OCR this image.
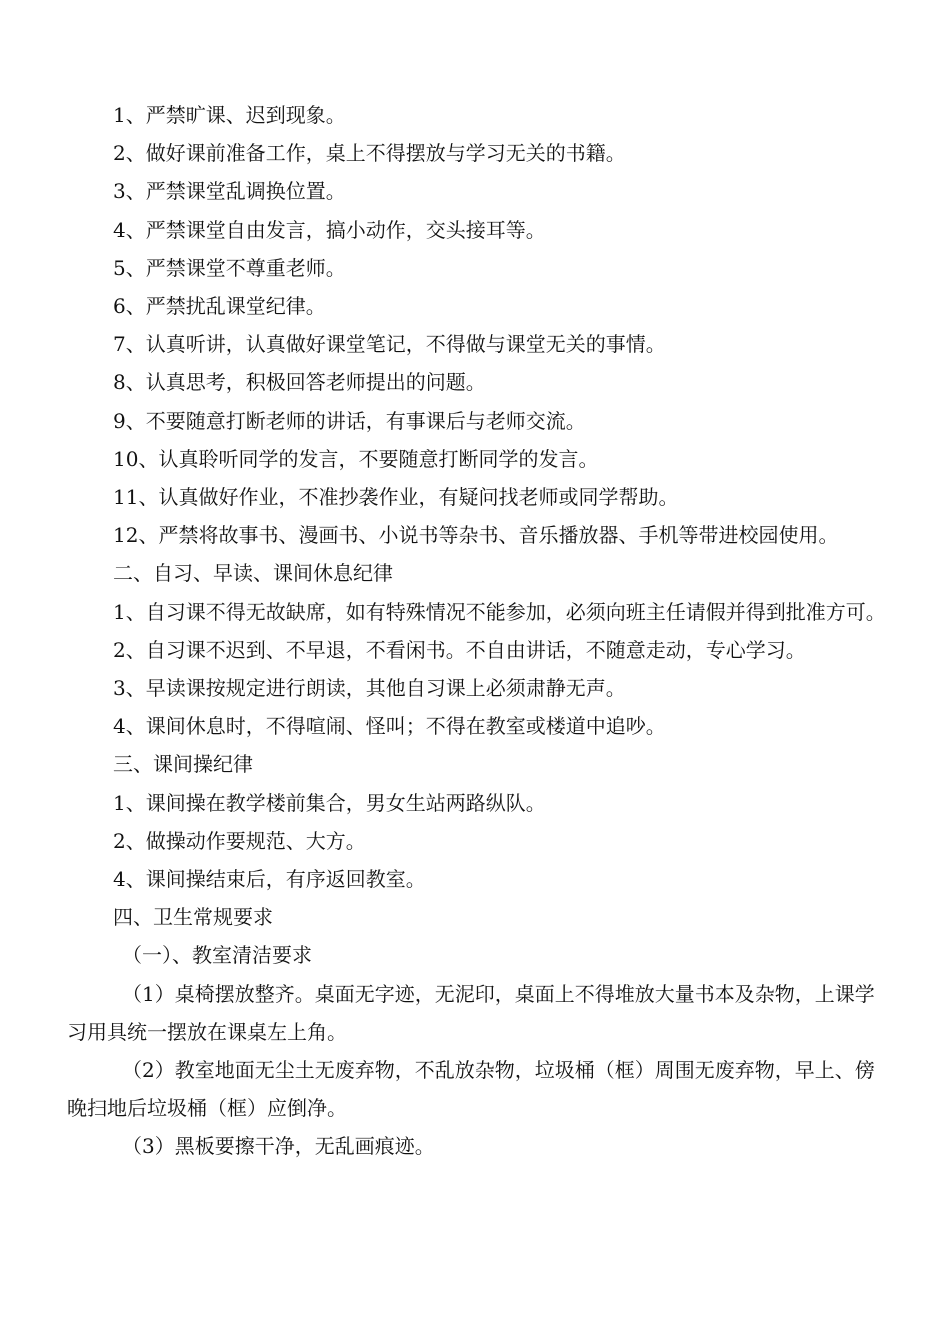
1、严禁旷课、迟到现象。

2、做好课前准备工作，桌上不得摆放与学习无关的书籍。

3、严禁课堂乱调换位置。

4、严禁课堂自由发言，搞小动作，交头接耳等。

5、严禁课堂不尊重老师。

6、严禁扰乱课堂纪律。

7、认真听讲，认真做好课堂笔记，不得做与课堂无关的事情。

8、认真思考，积极回答老师提出的问题。

9、不要随意打断老师的讲话，有事课后与老师交流。

10、认真聆听同学的发言，不要随意打断同学的发言。

11、认真做好作业，不准抄袭作业，有疑问找老师或同学帮助。

12、严禁将故事书、漫画书、小说书等杂书、音乐播放器、手机等带进校园使用。

二、自习、早读、课间休息纪律

1、自习课不得无故缺席，如有特殊情况不能参加，必须向班主任请假并得到批准方可。

2、自习课不迟到、不早退，不看闲书。不自由讲话，不随意走动，专心学习。

3、早读课按规定进行朗读，其他自习课上必须肃静无声。

4、课间休息时，不得喧闹、怪叫；不得在教室或楼道中追吵。

三、课间操纪律

1、课间操在教学楼前集合，男女生站两路纵队。

2、做操动作要规范、大方。

4、课间操结束后，有序返回教室。

四、卫生常规要求

（一）、教室清洁要求

（1）桌椅摆放整齐。桌面无字迹，无泥印，桌面上不得堆放大量书本及杂物，上课学习用具统一摆放在课桌左上角。

（2）教室地面无尘土无废弃物，不乱放杂物，垃圾桶（框）周围无废弃物，早上、傍晚扫地后垃圾桶（框）应倒净。

（3）黑板要擦干净，无乱画痕迹。
